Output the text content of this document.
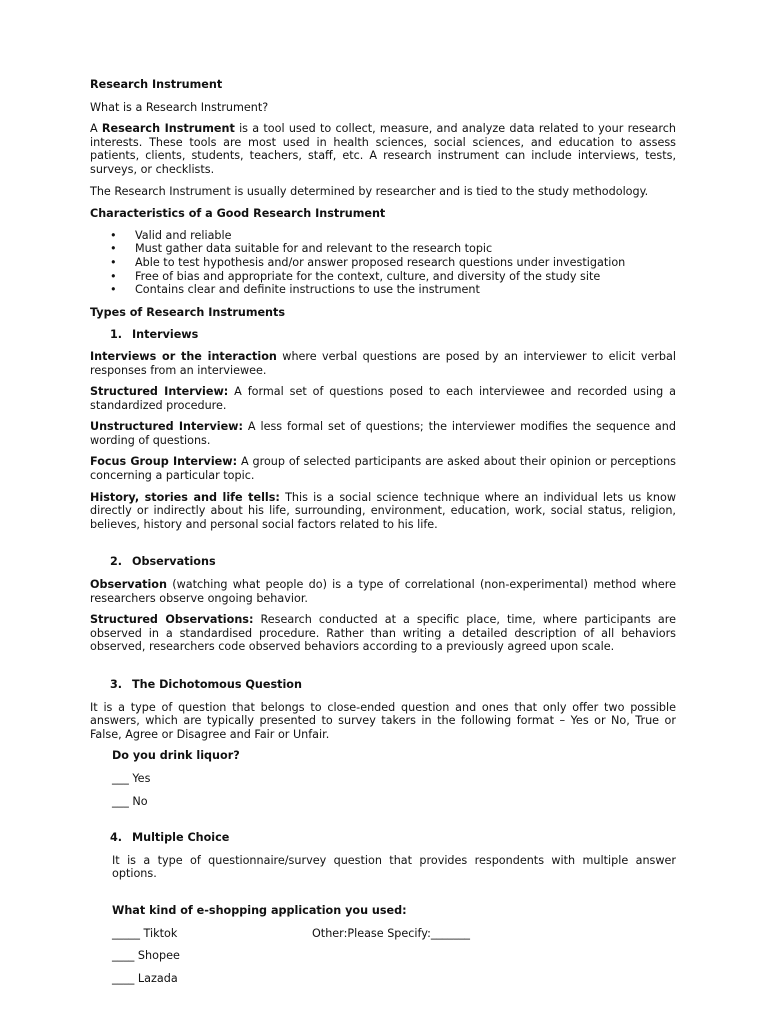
Research Instrument

What is a Research Instrument?

A Research Instrument is a tool used to collect, measure, and analyze data related to your research interests. These tools are most used in health sciences, social sciences, and education to assess patients, clients, students, teachers, staff, etc. A research instrument can include interviews, tests, surveys, or checklists.

The Research Instrument is usually determined by researcher and is tied to the study methodology.

Characteristics of a Good Research Instrument

• Valid and reliable
• Must gather data suitable for and relevant to the research topic
• Able to test hypothesis and/or answer proposed research questions under investigation
• Free of bias and appropriate for the context, culture, and diversity of the study site
• Contains clear and definite instructions to use the instrument

Types of Research Instruments

1. Interviews

Interviews or the interaction where verbal questions are posed by an interviewer to elicit verbal responses from an interviewee.

Structured Interview: A formal set of questions posed to each interviewee and recorded using a standardized procedure.

Unstructured Interview: A less formal set of questions; the interviewer modifies the sequence and wording of questions.

Focus Group Interview: A group of selected participants are asked about their opinion or perceptions concerning a particular topic.

History, stories and life tells: This is a social science technique where an individual lets us know directly or indirectly about his life, surrounding, environment, education, work, social status, religion, believes, history and personal social factors related to his life.

2. Observations

Observation (watching what people do) is a type of correlational (non-experimental) method where researchers observe ongoing behavior.

Structured Observations: Research conducted at a specific place, time, where participants are observed in a standardised procedure. Rather than writing a detailed description of all behaviors observed, researchers code observed behaviors according to a previously agreed upon scale.

3. The Dichotomous Question

It is a type of question that belongs to close-ended question and ones that only offer two possible answers, which are typically presented to survey takers in the following format – Yes or No, True or False, Agree or Disagree and Fair or Unfair.

Do you drink liquor?

___ Yes

___ No

4. Multiple Choice

It is a type of questionnaire/survey question that provides respondents with multiple answer options.

What kind of e-shopping application you used:

_____ Tiktok	Other:Please Specify:_______

____ Shopee

____ Lazada
